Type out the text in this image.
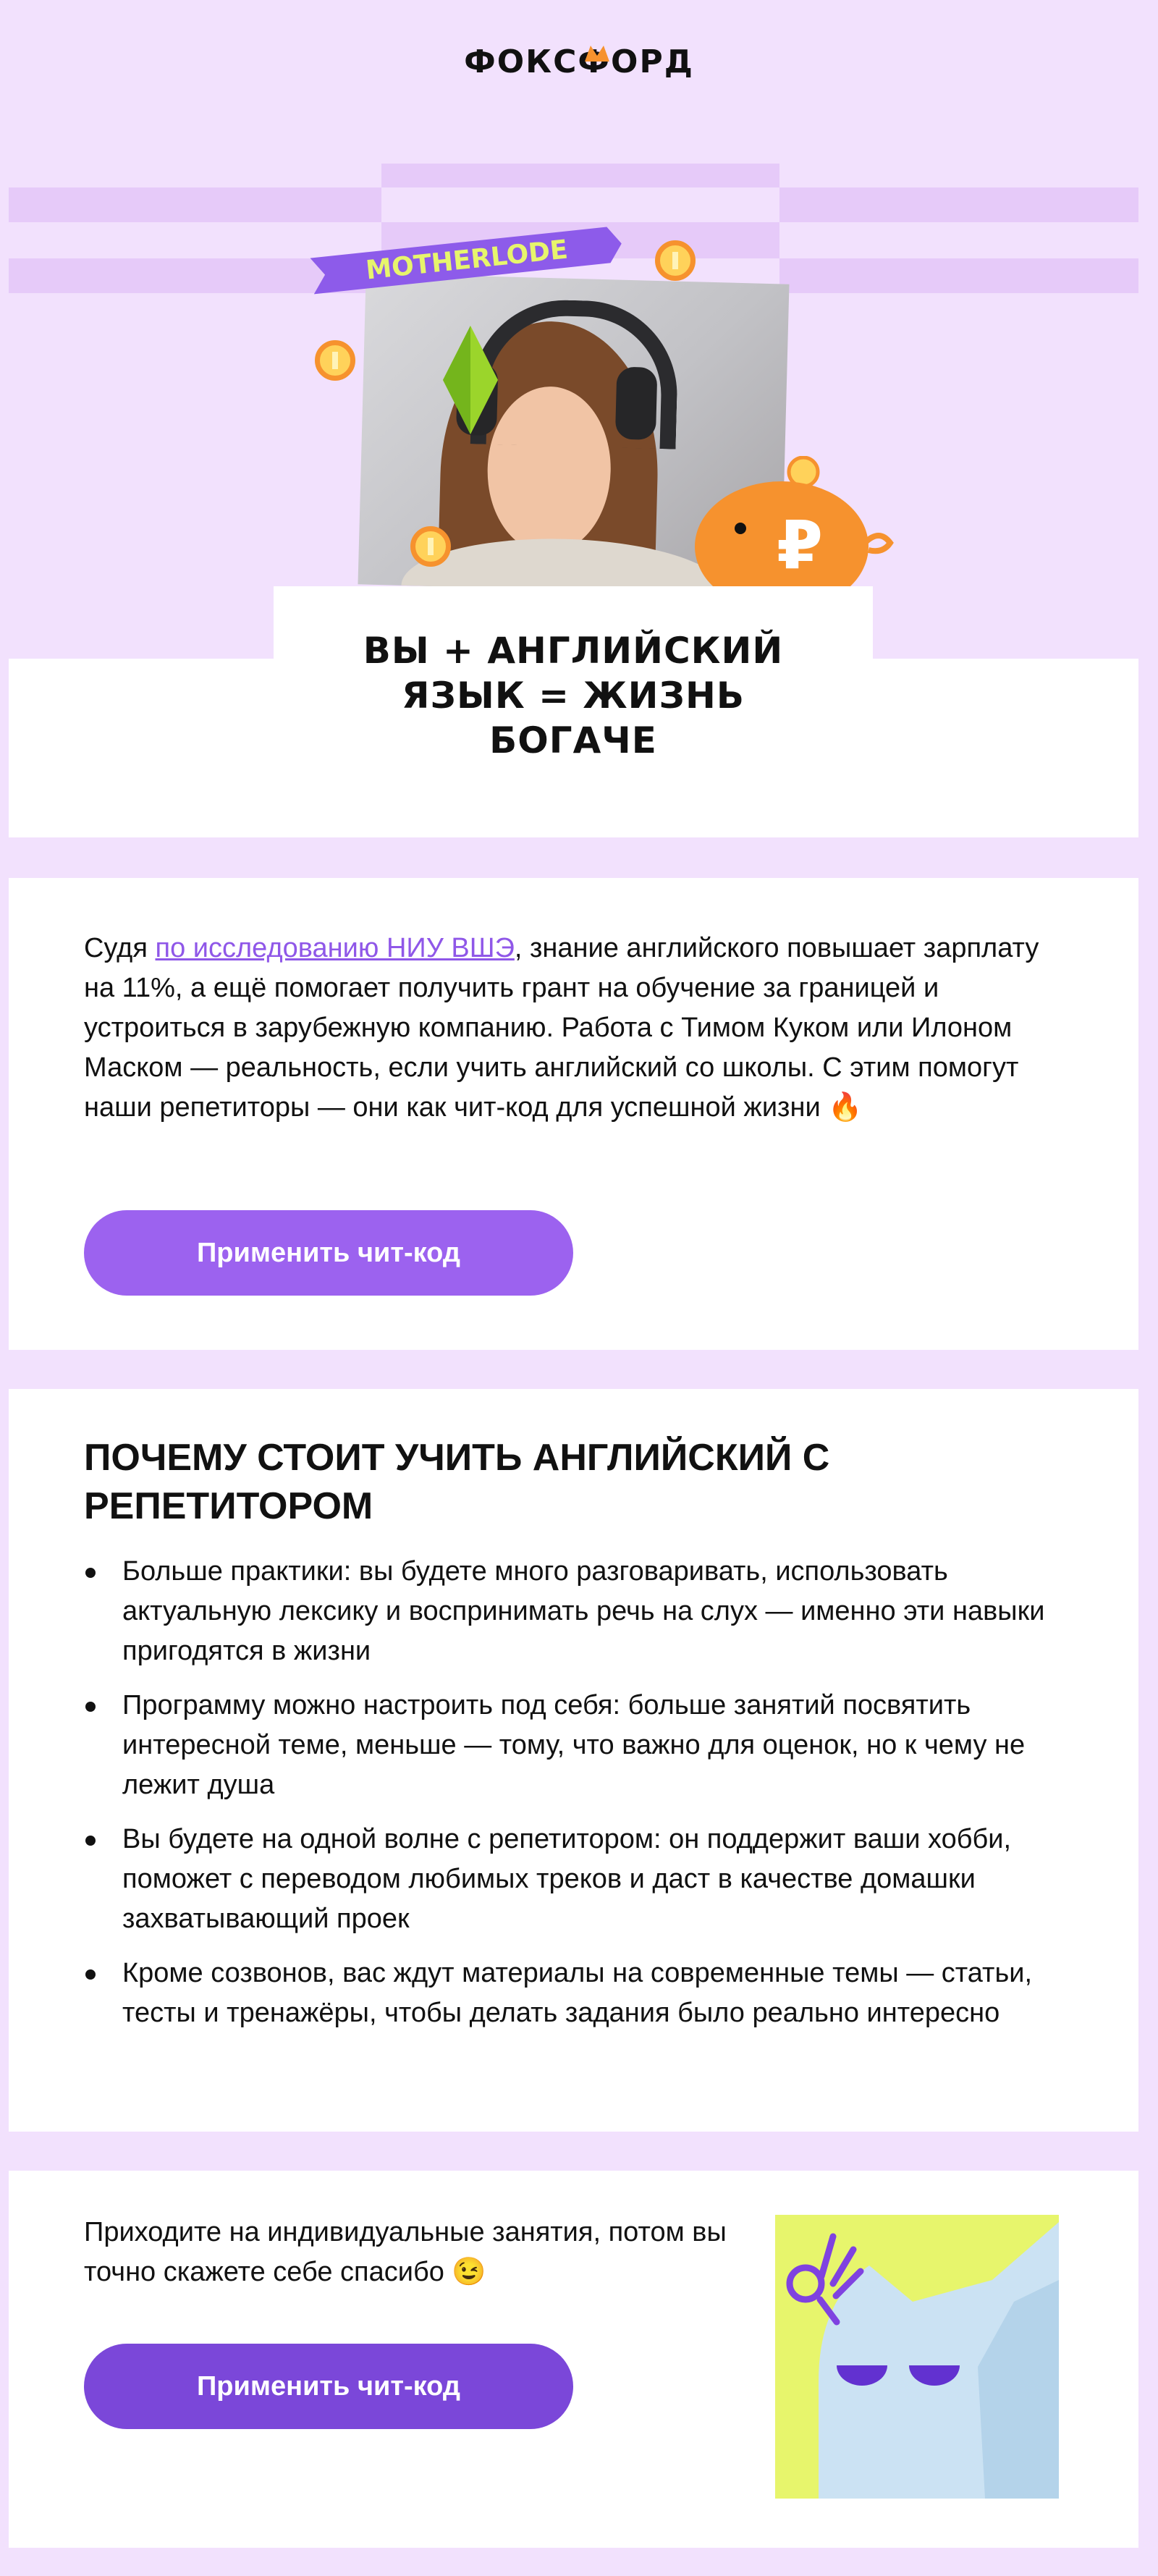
ФОКСФОРД
MOTHERLODE
₽
ВЫ + АНГЛИЙСКИЙ
ЯЗЫК = ЖИЗНЬ
БОГАЧЕ

Судя по исследованию НИУ ВШЭ, знание английского повышает зарплату на 11%, а ещё помогает получить грант на обучение за границей и устроиться в зарубежную компанию. Работа с Тимом Куком или Илоном Маском — реальность, если учить английский со школы. С этим помогут наши репетиторы — они как чит-код для успешной жизни 🔥

Применить чит-код
ПОЧЕМУ СТОИТ УЧИТЬ АНГЛИЙСКИЙ С РЕПЕТИТОРОМ
Больше практики: вы будете много разговаривать, использовать актуальную лексику и воспринимать речь на слух — именно эти навыки пригодятся в жизни
Программу можно настроить под себя: больше занятий посвятить интересной теме, меньше — тому, что важно для оценок, но к чему не лежит душа
Вы будете на одной волне с репетитором: он поддержит ваши хобби, поможет с переводом любимых треков и даст в качестве домашки захватывающий проек
Кроме созвонов, вас ждут материалы на современные темы — статьи, тесты и тренажёры, чтобы делать задания было реально интересно

Приходите на индивидуальные занятия, потом вы точно скажете себе спасибо 😉

Применить чит-код
